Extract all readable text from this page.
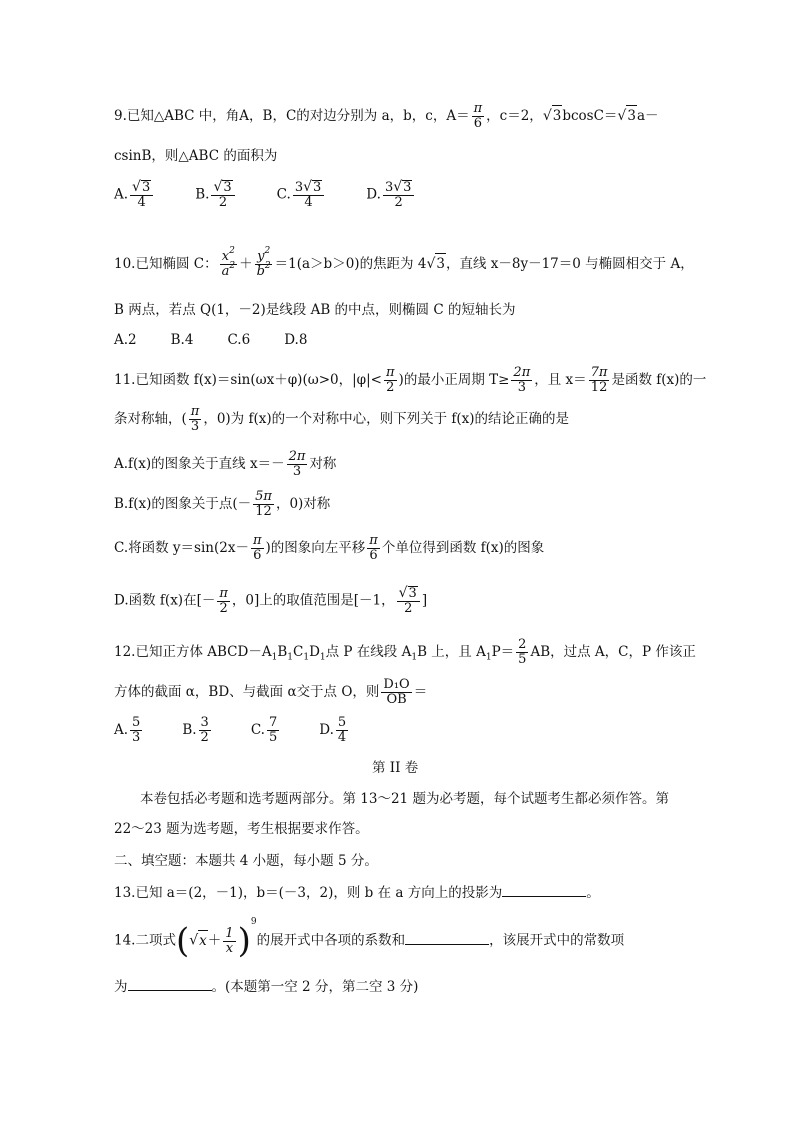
9.已知△ABC 中，角A，B，C的对边分别为 a，b，c，$A= \frac{\pi}{6}$ ，c＝2，√3bcosC＝√3a－
csinB，则△ABC 的面积为
A. $\frac{√3}{4}$	B. $\frac{√3}{2}$	C. $\frac{3√3}{4}$	D. $\frac{3√3}{2}$
10.已知椭圆 C： $\frac{x^2}{a^2} + \frac{y^2}{b^2} =1(a>b>0)$的焦距为 4√3，直线 x－8y－17＝0 与椭圆相交于 A，
B 两点，若点 Q(1，－2)是线段 AB 的中点，则椭圆 C 的短轴长为
A.2	B.4	C.6	D.8
11.已知函数 f(x)＝sin(ωx＋φ)(ω>0，$|\varphi|< \frac{\pi}{2}$ )的最小正周期 $T\ge \frac{2\pi}{3}$ ，且 $x= \frac{7\pi}{12}$ 是函数 f(x)的一
条对称轴，( $\frac{\pi}{3}$ ，0)为 f(x)的一个对称中心，则下列关于 f(x)的结论正确的是
A.f(x)的图象关于直线 $x=- \frac{2\pi}{3}$ 对称
B.f(x)的图象关于点(－ $\frac{5\pi}{12}$ ，0)对称
C.将函数 $y=\sin(2x- \frac{\pi}{6}$ )的图象向左平移 $\frac{\pi}{6}$ 个单位得到函数 f(x)的图象
D.函数 f(x)在[－ $\frac{\pi}{2}$ ，0]上的取值范围是[－1， $\frac{√3}{2}$ ]
12.已知正方体 $ABCD-A_1B_1C_1D_1$点 P 在线段 $A_1B$ 上，且 $A_1P= \frac{2}{5}$ AB，过点 A，C，P 作该正
方体的截面 α，BD、与截面 α交于点 O，则 $\frac{\text{D₁O}}{OB}$ ＝
A. $\frac{5}{3}$	B. $\frac{3}{2}$	C. $\frac{7}{5}$	D. $\frac{5}{4}$
第 II 卷
本卷包括必考题和选考题两部分。第 13～21 题为必考题，每个试题考生都必须作答。第
22～23 题为选考题，考生根据要求作答。
二、填空题：本题共 4 小题，每小题 5 分。
13.已知 a＝(2，－1)，b＝(－3，2)，则 b 在 a 方向上的投影为	。
14.二项式$(√x+ \frac{1}{x} )^9$的展开式中各项的系数和	，该展开式中的常数项
为	。(本题第一空 2 分，第二空 3 分)
